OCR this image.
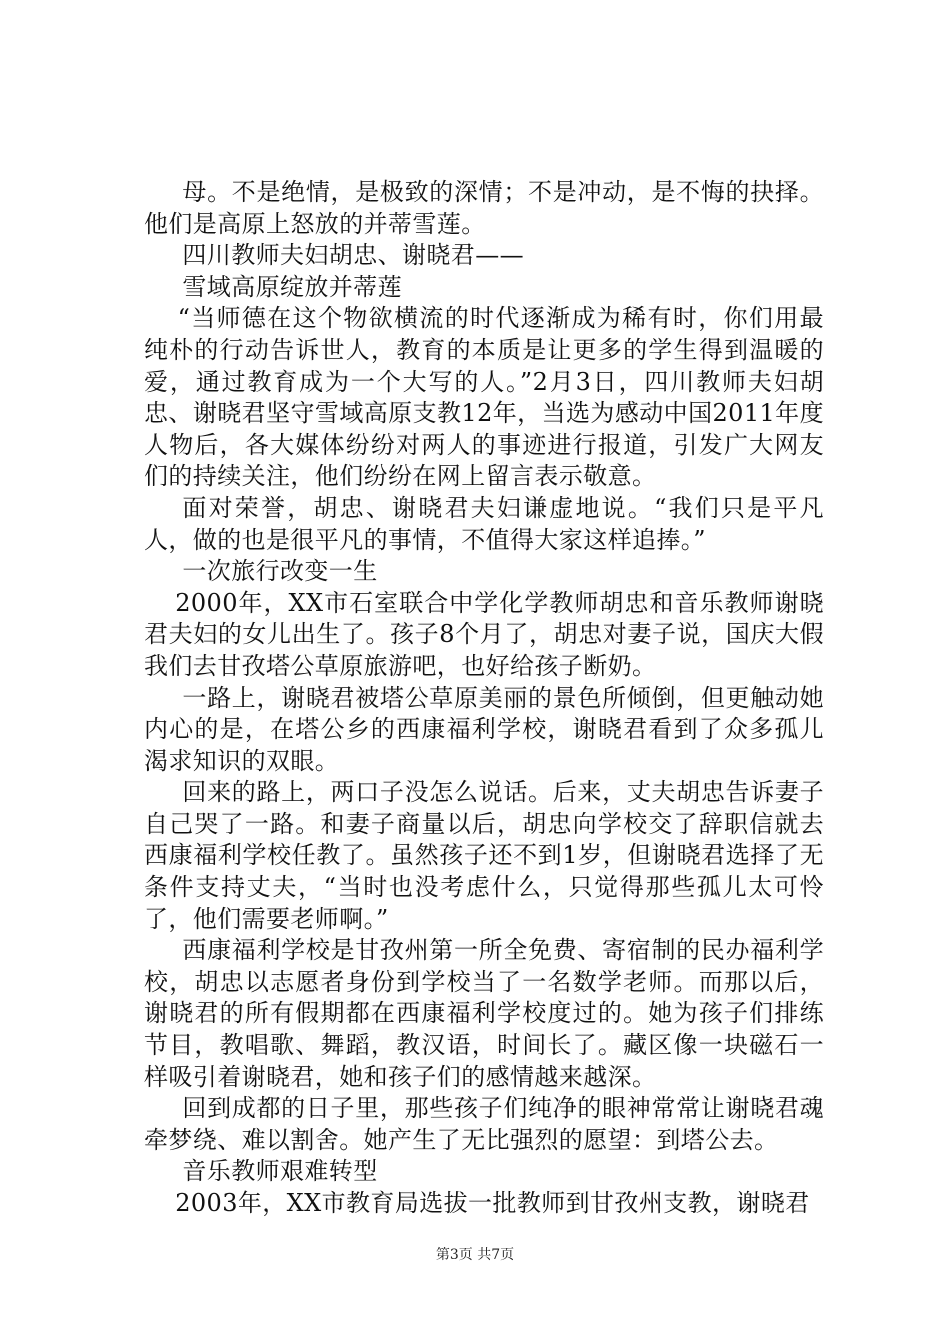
母。不是绝情，是极致的深情；不是冲动，是不悔的抉择。他们是高原上怒放的并蒂雪莲。

四川教师夫妇胡忠、谢晓君——

雪域高原绽放并蒂莲

“当师德在这个物欲横流的时代逐渐成为稀有时，你们用最纯朴的行动告诉世人，教育的本质是让更多的学生得到温暖的爱，通过教育成为一个大写的人。”2月3日，四川教师夫妇胡忠、谢晓君坚守雪域高原支教12年，当选为感动中国2011年度人物后，各大媒体纷纷对两人的事迹进行报道，引发广大网友们的持续关注，他们纷纷在网上留言表示敬意。

面对荣誉，胡忠、谢晓君夫妇谦虚地说。“我们只是平凡人，做的也是很平凡的事情，不值得大家这样追捧。”

一次旅行改变一生

2000年，XX市石室联合中学化学教师胡忠和音乐教师谢晓君夫妇的女儿出生了。孩子8个月了，胡忠对妻子说，国庆大假我们去甘孜塔公草原旅游吧，也好给孩子断奶。

一路上，谢晓君被塔公草原美丽的景色所倾倒，但更触动她内心的是，在塔公乡的西康福利学校，谢晓君看到了众多孤儿渴求知识的双眼。

回来的路上，两口子没怎么说话。后来，丈夫胡忠告诉妻子自己哭了一路。和妻子商量以后，胡忠向学校交了辞职信就去西康福利学校任教了。虽然孩子还不到1岁，但谢晓君选择了无条件支持丈夫，“当时也没考虑什么，只觉得那些孤儿太可怜了，他们需要老师啊。”

西康福利学校是甘孜州第一所全免费、寄宿制的民办福利学校，胡忠以志愿者身份到学校当了一名数学老师。而那以后，谢晓君的所有假期都在西康福利学校度过的。她为孩子们排练节目，教唱歌、舞蹈，教汉语，时间长了。藏区像一块磁石一样吸引着谢晓君，她和孩子们的感情越来越深。

回到成都的日子里，那些孩子们纯净的眼神常常让谢晓君魂牵梦绕、难以割舍。她产生了无比强烈的愿望：到塔公去。

音乐教师艰难转型

2003年，XX市教育局选拔一批教师到甘孜州支教，谢晓君

第3页 共7页
